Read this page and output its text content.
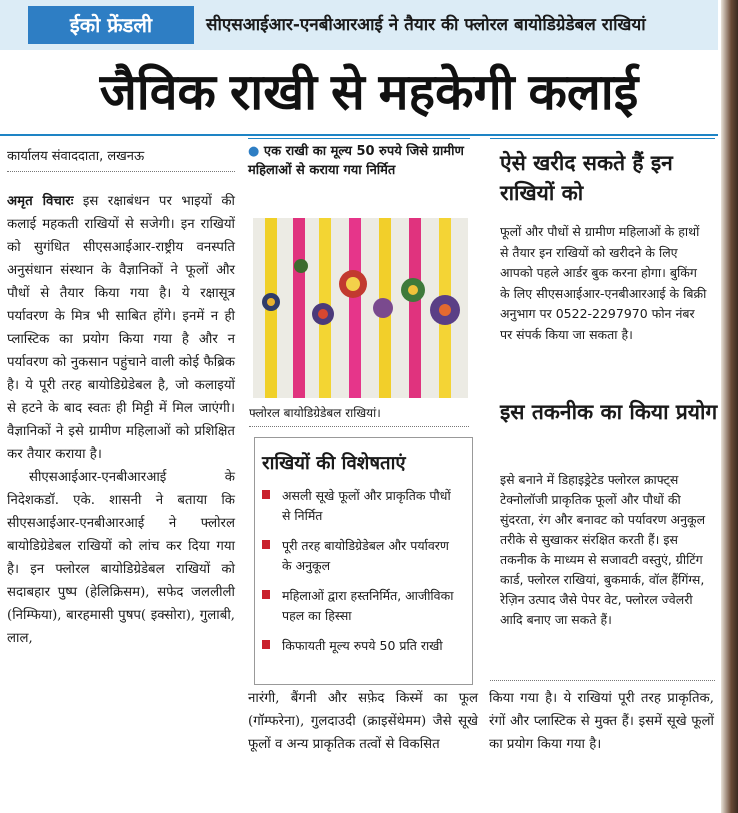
ईको फ्रेंडली	सीएसआईआर-एनबीआरआई ने तैयार की फ्लोरल बायोडिग्रेडेबल राखियां
जैविक राखी से महकेगी कलाई
कार्यालय संवाददाता, लखनऊ

अमृत विचारः इस रक्षाबंधन पर भाइयों की कलाई महकती राखियों से सजेगी। इन राखियों को सुगंधित सीएसआईआर-राष्ट्रीय वनस्पति अनुसंधान संस्थान के वैज्ञानिकों ने फूलों और पौधों से तैयार किया गया है। ये रक्षासूत्र पर्यावरण के मित्र भी साबित होंगे। इनमें न ही प्लास्टिक का प्रयोग किया गया है और न पर्यावरण को नुकसान पहुंचाने वाली कोई फैब्रिक है। ये पूरी तरह बायोडिग्रेडेबल है, जो कलाइयों से हटने के बाद स्वतः ही मिट्टी में मिल जाएंगी। वैज्ञानिकों ने इसे ग्रामीण महिलाओं को प्रशिक्षित कर तैयार कराया है।

सीएसआईआर-एनबीआरआई के निदेशकडॉ. एके. शासनी ने बताया कि सीएसआईआर-एनबीआरआई ने फ्लोरल बायोडिग्रेडेबल राखियों को लांच कर दिया गया है। इन फ्लोरल बायोडिग्रेडेबल राखियों को सदाबहार पुष्प (हेलिक्रिसम), सफेद जललीली (निम्फिया), बारहमासी पुषप( इक्सोरा), गुलाबी, लाल,

● एक राखी का मूल्य 50 रुपये जिसे ग्रामीण महिलाओं से कराया गया निर्मित
फ्लोरल बायोडिग्रेडेबल राखियां।
राखियों की विशेषताएं
असली सूखे फूलों और प्राकृतिक पौधों से निर्मित
पूरी तरह बायोडिग्रेडेबल और पर्यावरण के अनुकूल
महिलाओं द्वारा हस्तनिर्मित, आजीविका पहल का हिस्सा
किफायती मूल्य रुपये 50 प्रति राखी
नारंगी, बैंगनी और सफ़ेद किस्में का फूल (गॉम्फरेना), गुलदाउदी (क्राइसेंथेमम) जैसे सूखे फूलों व अन्य प्राकृतिक तत्वों से विकसित
ऐसे खरीद सकते हैं इन राखियों को
फूलों और पौधों से ग्रामीण महिलाओं के हाथों से तैयार इन राखियों को खरीदने के लिए आपको पहले आर्डर बुक करना होगा। बुकिंग के लिए सीएसआईआर-एनबीआरआई के बिक्री अनुभाग पर 0522-2297970 फोन नंबर पर संपर्क किया जा सकता है।
इस तकनीक का किया प्रयोग
इसे बनाने में डिहाइड्रेटेड फ्लोरल क्राफ्ट्स टेक्नोलॉजी प्राकृतिक फूलों और पौधों की सुंदरता, रंग और बनावट को पर्यावरण अनुकूल तरीके से सुखाकर संरक्षित करती हैं। इस तकनीक के माध्यम से सजावटी वस्तुएं, ग्रीटिंग कार्ड, फ्लोरल राखियां, बुकमार्क, वॉल हैंगिंग्स, रेज़िन उत्पाद जैसे पेपर वेट, फ्लोरल ज्वेलरी आदि बनाए जा सकते हैं।
किया गया है। ये राखियां पूरी तरह प्राकृतिक, रंगों और प्लास्टिक से मुक्त हैं। इसमें सूखे फूलों का प्रयोग किया गया है।
